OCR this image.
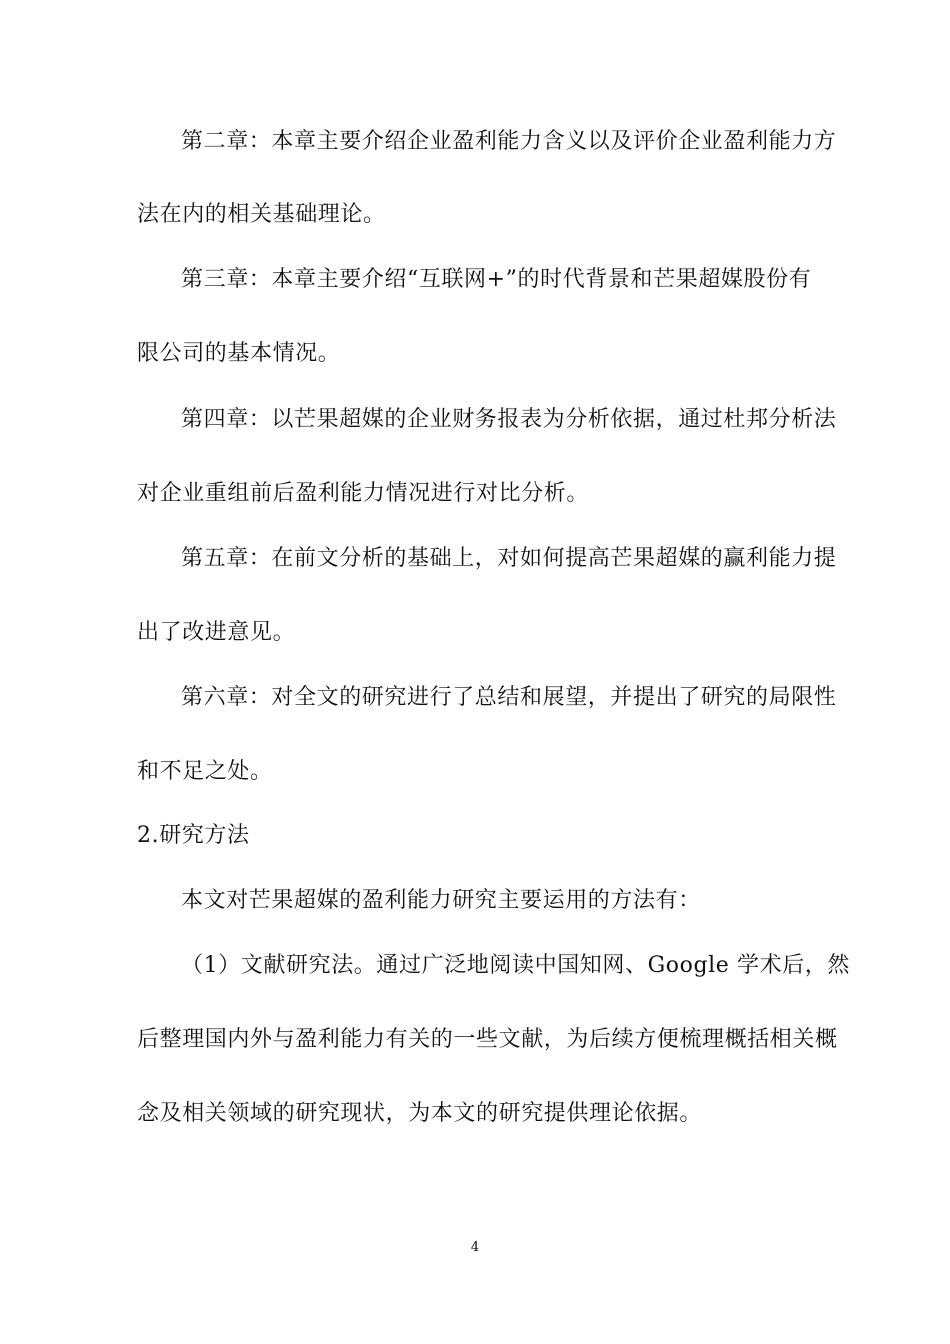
第二章：本章主要介绍企业盈利能力含义以及评价企业盈利能力方
法在内的相关基础理论。
第三章：本章主要介绍“互联网+”的时代背景和芒果超媒股份有
限公司的基本情况。
第四章：以芒果超媒的企业财务报表为分析依据，通过杜邦分析法
对企业重组前后盈利能力情况进行对比分析。
第五章：在前文分析的基础上，对如何提高芒果超媒的赢利能力提
出了改进意见。
第六章：对全文的研究进行了总结和展望，并提出了研究的局限性
和不足之处。
2.研究方法
本文对芒果超媒的盈利能力研究主要运用的方法有：
（1）文献研究法。通过广泛地阅读中国知网、Google 学术后，然
后整理国内外与盈利能力有关的一些文献，为后续方便梳理概括相关概
念及相关领域的研究现状，为本文的研究提供理论依据。
4
